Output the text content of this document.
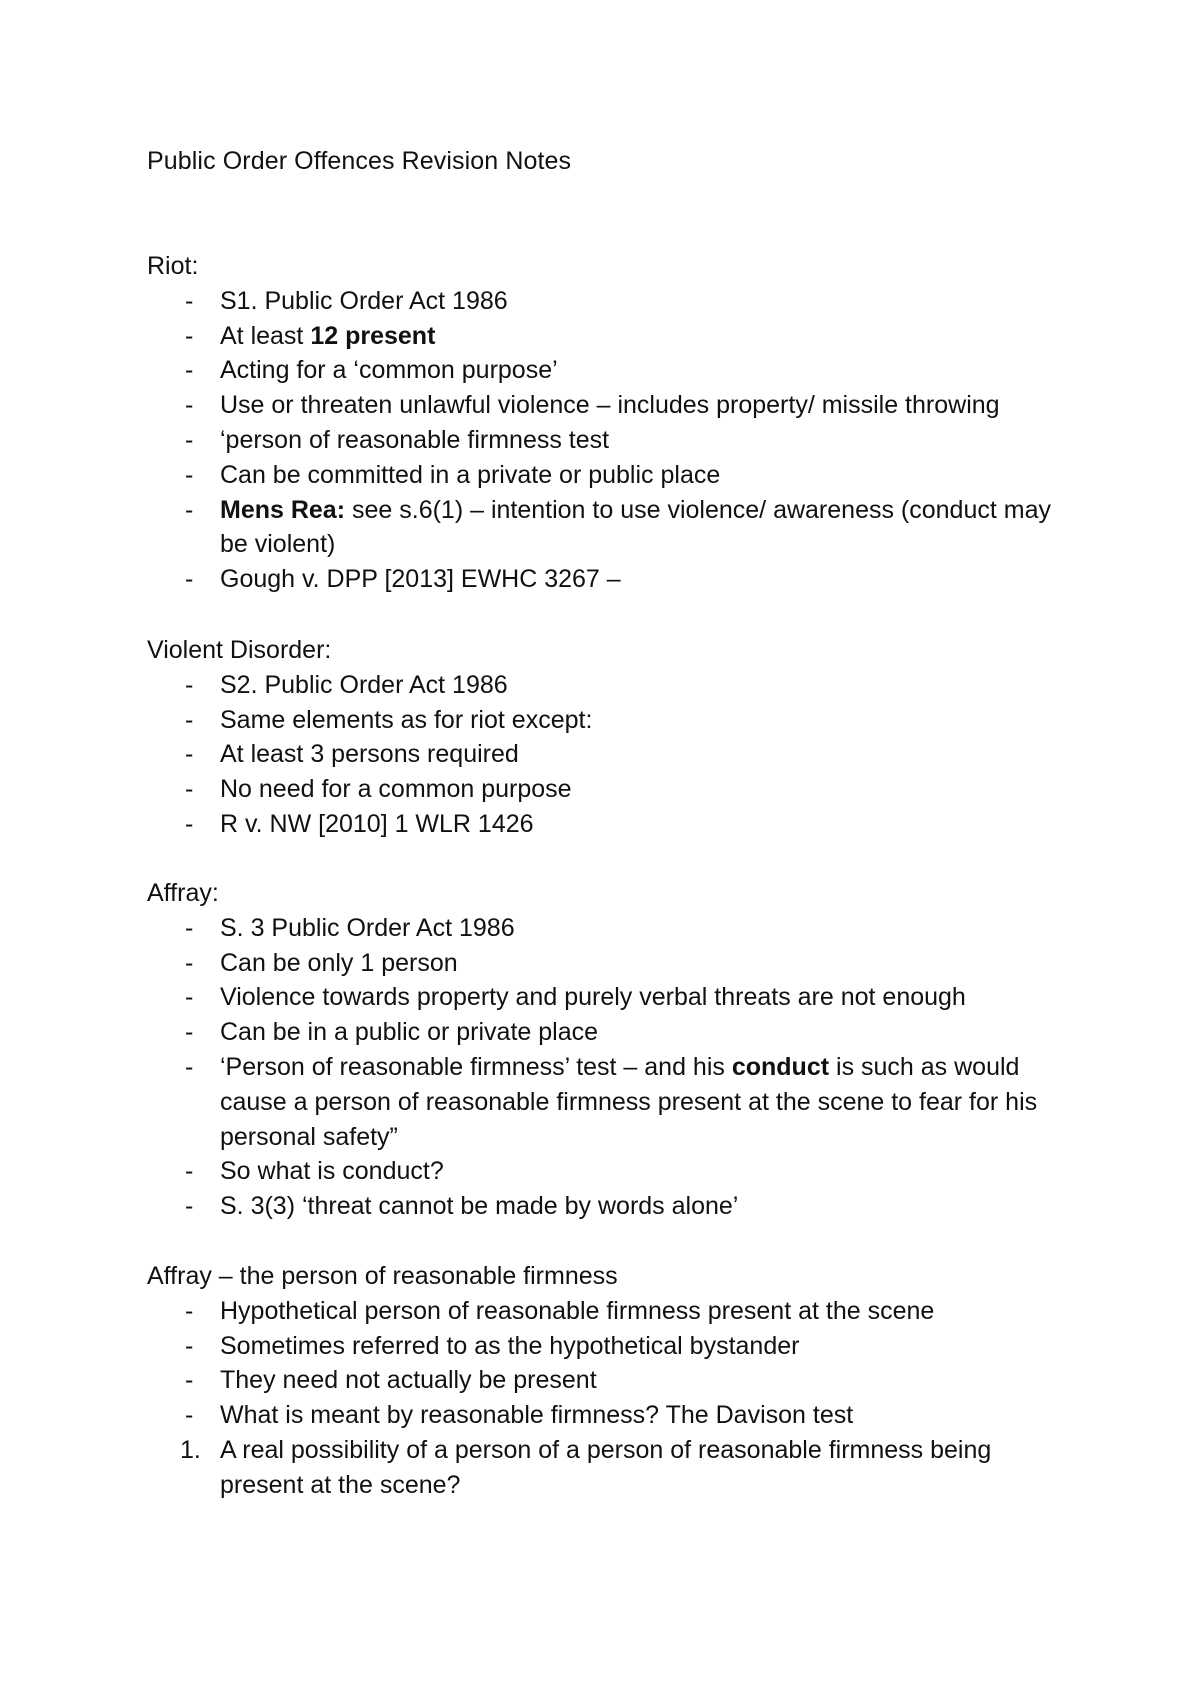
Public Order Offences Revision Notes

Riot:

-	S1. Public Order Act 1986
-	At least 12 present
-	Acting for a ‘common purpose’
-	Use or threaten unlawful violence – includes property/ missile throwing
-	‘person of reasonable firmness test
-	Can be committed in a private or public place
-	Mens Rea: see s.6(1) – intention to use violence/ awareness (conduct may be violent)
-	Gough v. DPP [2013] EWHC 3267 –

Violent Disorder:

-	S2. Public Order Act 1986
-	Same elements as for riot except:
-	At least 3 persons required
-	No need for a common purpose
-	R v. NW [2010] 1 WLR 1426

Affray:

-	S. 3 Public Order Act 1986
-	Can be only 1 person
-	Violence towards property and purely verbal threats are not enough
-	Can be in a public or private place
-	‘Person of reasonable firmness’ test – and his conduct is such as would cause a person of reasonable firmness present at the scene to fear for his personal safety”
-	So what is conduct?
-	S. 3(3) ‘threat cannot be made by words alone’

Affray – the person of reasonable firmness

-	Hypothetical person of reasonable firmness present at the scene
-	Sometimes referred to as the hypothetical bystander
-	They need not actually be present
-	What is meant by reasonable firmness? The Davison test
1. A real possibility of a person of a person of reasonable firmness being present at the scene?
